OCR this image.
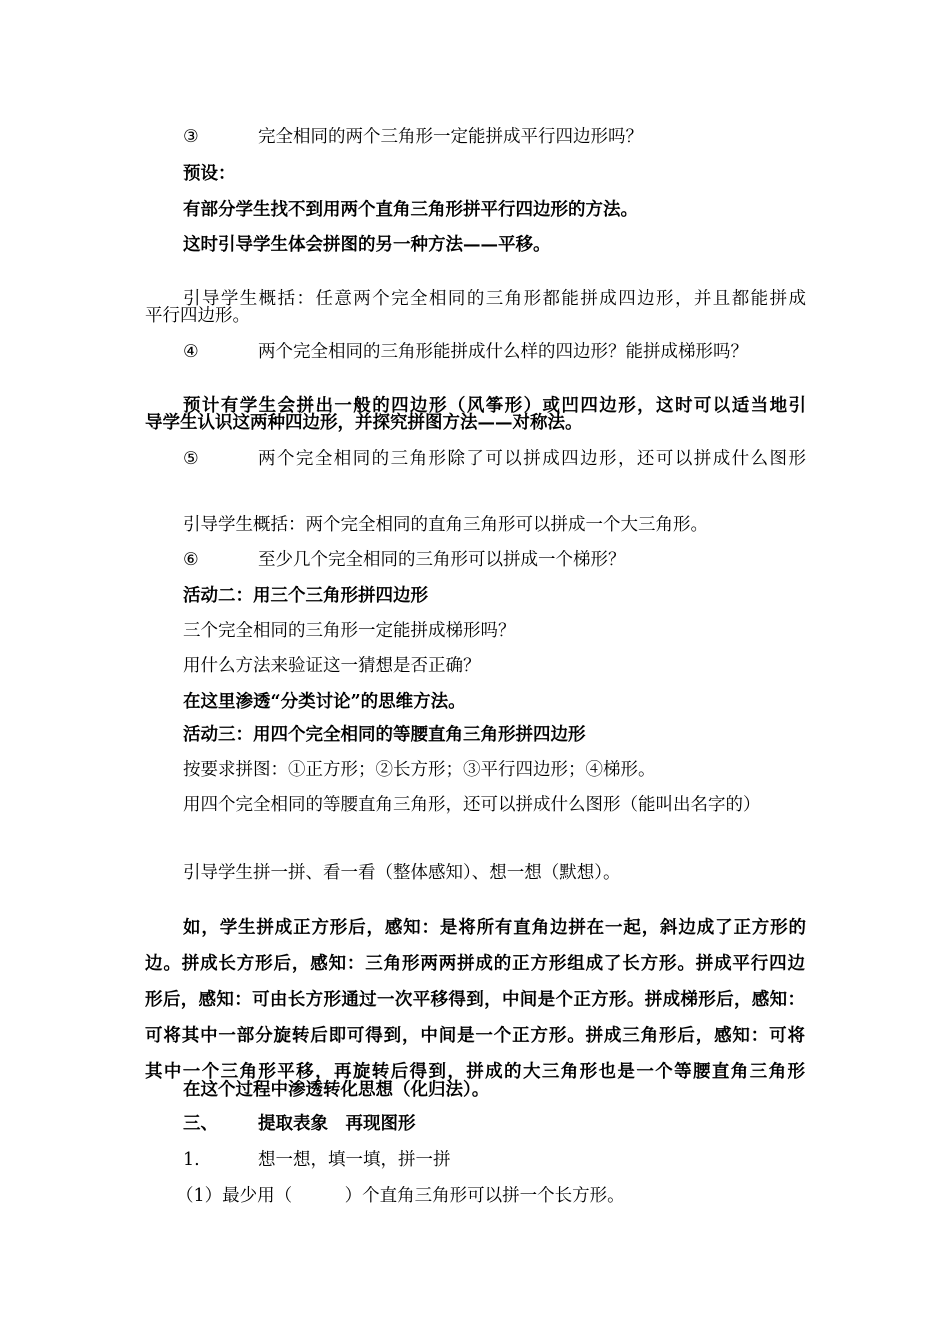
③	完全相同的两个三角形一定能拼成平行四边形吗？

预设：

有部分学生找不到用两个直角三角形拼平行四边形的方法。

这时引导学生体会拼图的另一种方法——平移。

引导学生概括：任意两个完全相同的三角形都能拼成四边形，并且都能拼成

平行四边形。

④	两个完全相同的三角形能拼成什么样的四边形？能拼成梯形吗？

预计有学生会拼出一般的四边形（风筝形）或凹四边形，这时可以适当地引

导学生认识这两种四边形，并探究拼图方法——对称法。

⑤	两个完全相同的三角形除了可以拼成四边形，还可以拼成什么图形

引导学生概括：两个完全相同的直角三角形可以拼成一个大三角形。

⑥	至少几个完全相同的三角形可以拼成一个梯形？

活动二：用三个三角形拼四边形

三个完全相同的三角形一定能拼成梯形吗？

用什么方法来验证这一猜想是否正确？

在这里渗透“分类讨论”的思维方法。

活动三：用四个完全相同的等腰直角三角形拼四边形

按要求拼图：①正方形；②长方形；③平行四边形；④梯形。

用四个完全相同的等腰直角三角形，还可以拼成什么图形（能叫出名字的）

引导学生拼一拼、看一看（整体感知）、想一想（默想）。

如，学生拼成正方形后，感知：是将所有直角边拼在一起，斜边成了正方形的

边。拼成长方形后，感知：三角形两两拼成的正方形组成了长方形。拼成平行四边

形后，感知：可由长方形通过一次平移得到，中间是个正方形。拼成梯形后，感知：

可将其中一部分旋转后即可得到，中间是一个正方形。拼成三角形后，感知：可将

其中一个三角形平移，再旋转后得到，拼成的大三角形也是一个等腰直角三角形

在这个过程中渗透转化思想（化归法）。

三、 提取表象　再现图形
1.	想一想，填一填，拼一拼

（1）最少用（　　　）个直角三角形可以拼一个长方形。
